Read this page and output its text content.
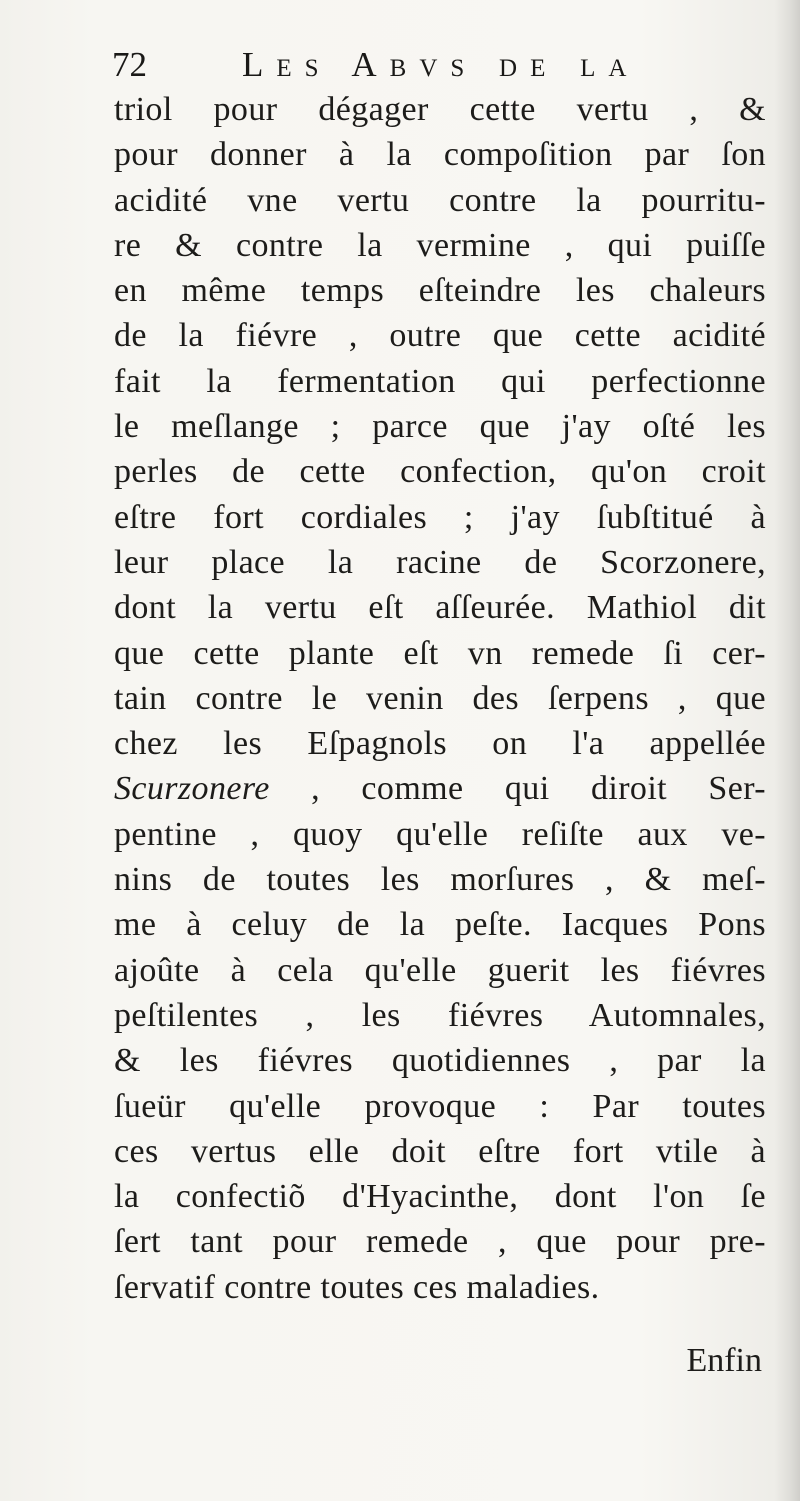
72	Les Abvs de la
triol pour dégager cette vertu , &
pour donner à la compoſition par ſon
acidité vne vertu contre la pourritu-
re & contre la vermine , qui puiſſe
en même temps eſteindre les chaleurs
de la fiévre , outre que cette acidité
fait la fermentation qui perfectionne
le meſlange ; parce que j'ay oſté les
perles de cette confection, qu'on croit
eſtre fort cordiales ; j'ay ſubſtitué à
leur place la racine de Scorzonere,
dont la vertu eſt aſſeurée. Mathiol dit
que cette plante eſt vn remede ſi cer-
tain contre le venin des ſerpens , que
chez les Eſpagnols on l'a appellée
Scurzonere , comme qui diroit Ser-
pentine , quoy qu'elle reſiſte aux ve-
nins de toutes les morſures , & meſ-
me à celuy de la peſte. Iacques Pons
ajoûte à cela qu'elle guerit les fiévres
peſtilentes , les fiévres Automnales,
& les fiévres quotidiennes , par la
ſueür qu'elle provoque : Par toutes
ces vertus elle doit eſtre fort vtile à
la confectiõ d'Hyacinthe, dont l'on ſe
ſert tant pour remede , que pour pre-
ſervatif contre toutes ces maladies.
Enfin
